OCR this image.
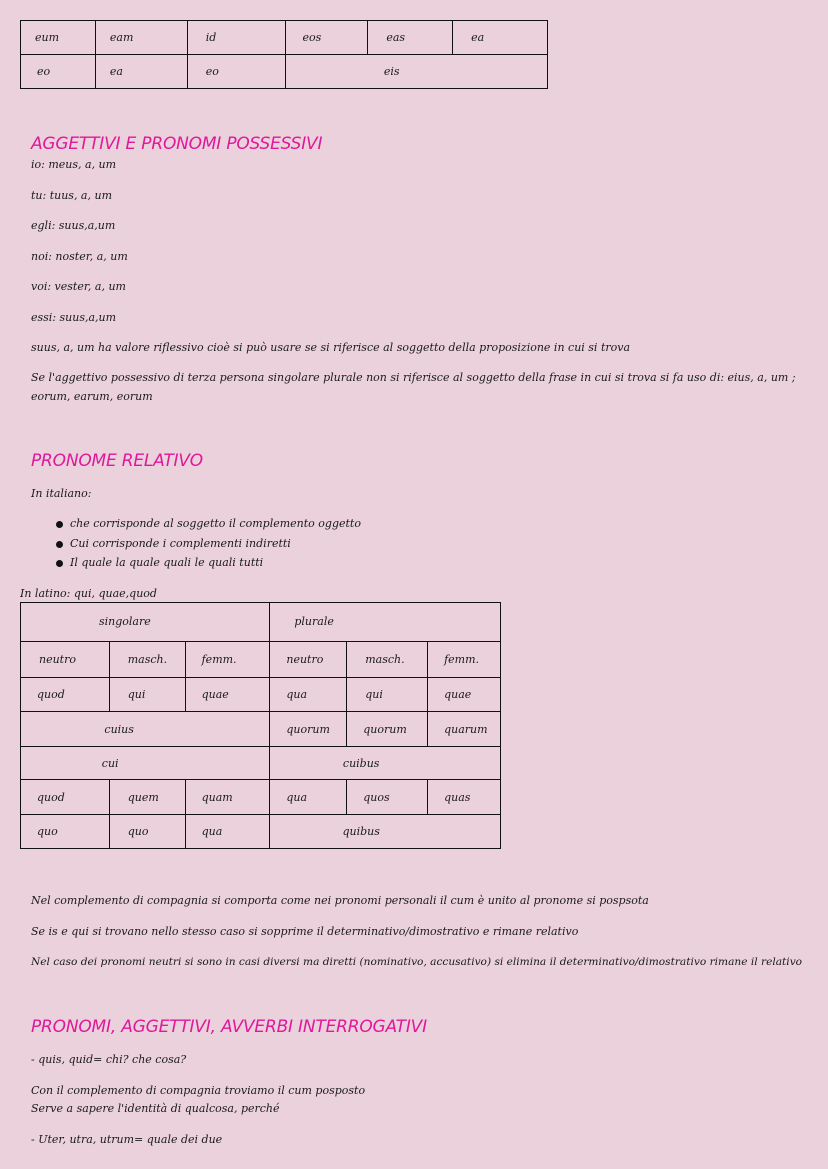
eum	eam	id	eos	eas	ea
eo	ea	eo	eis		
AGGETTIVI E PRONOMI POSSESSIVI
io: meus, a, um
tu: tuus, a, um
egli: suus,a,um
noi: noster, a, um
voi: vester, a, um
essi: suus,a,um
suus, a, um ha valore riflessivo cioè si può usare se si riferisce al soggetto della proposizione in cui si trova
Se l'aggettivo possessivo di terza persona singolare plurale non si riferisce al soggetto della frase in cui si trova si fa uso di: eius, a, um ; eorum, earum, eorum
PRONOME RELATIVO
In italiano:
che corrisponde al soggetto il complemento oggetto
Cui corrisponde i complementi indiretti
Il quale la quale quali le quali tutti
In latino: qui, quae,quod
singolare			plurale		
neutro	masch.	femm.	neutro	masch.	femm.
quod	qui	quae	qua	qui	quae
cuius			quorum	quorum	quarum
cui			cuibus		
quod	quem	quam	qua	quos	quas
quo	quo	qua	quibus		
Nel complemento di compagnia si comporta come nei pronomi personali il cum è unito al pronome si pospsota
Se is e qui si trovano nello stesso caso si sopprime il determinativo/dimostrativo e rimane relativo
Nel caso dei pronomi neutri si sono in casi diversi ma diretti (nominativo, accusativo) si elimina il determinativo/dimostrativo rimane il relativo
PRONOMI, AGGETTIVI, AVVERBI INTERROGATIVI
- quis, quid= chi? che cosa?
Con il complemento di compagnia troviamo il cum posposto
Serve a sapere l'identità di qualcosa, perché
- Uter, utra, utrum= quale dei due
